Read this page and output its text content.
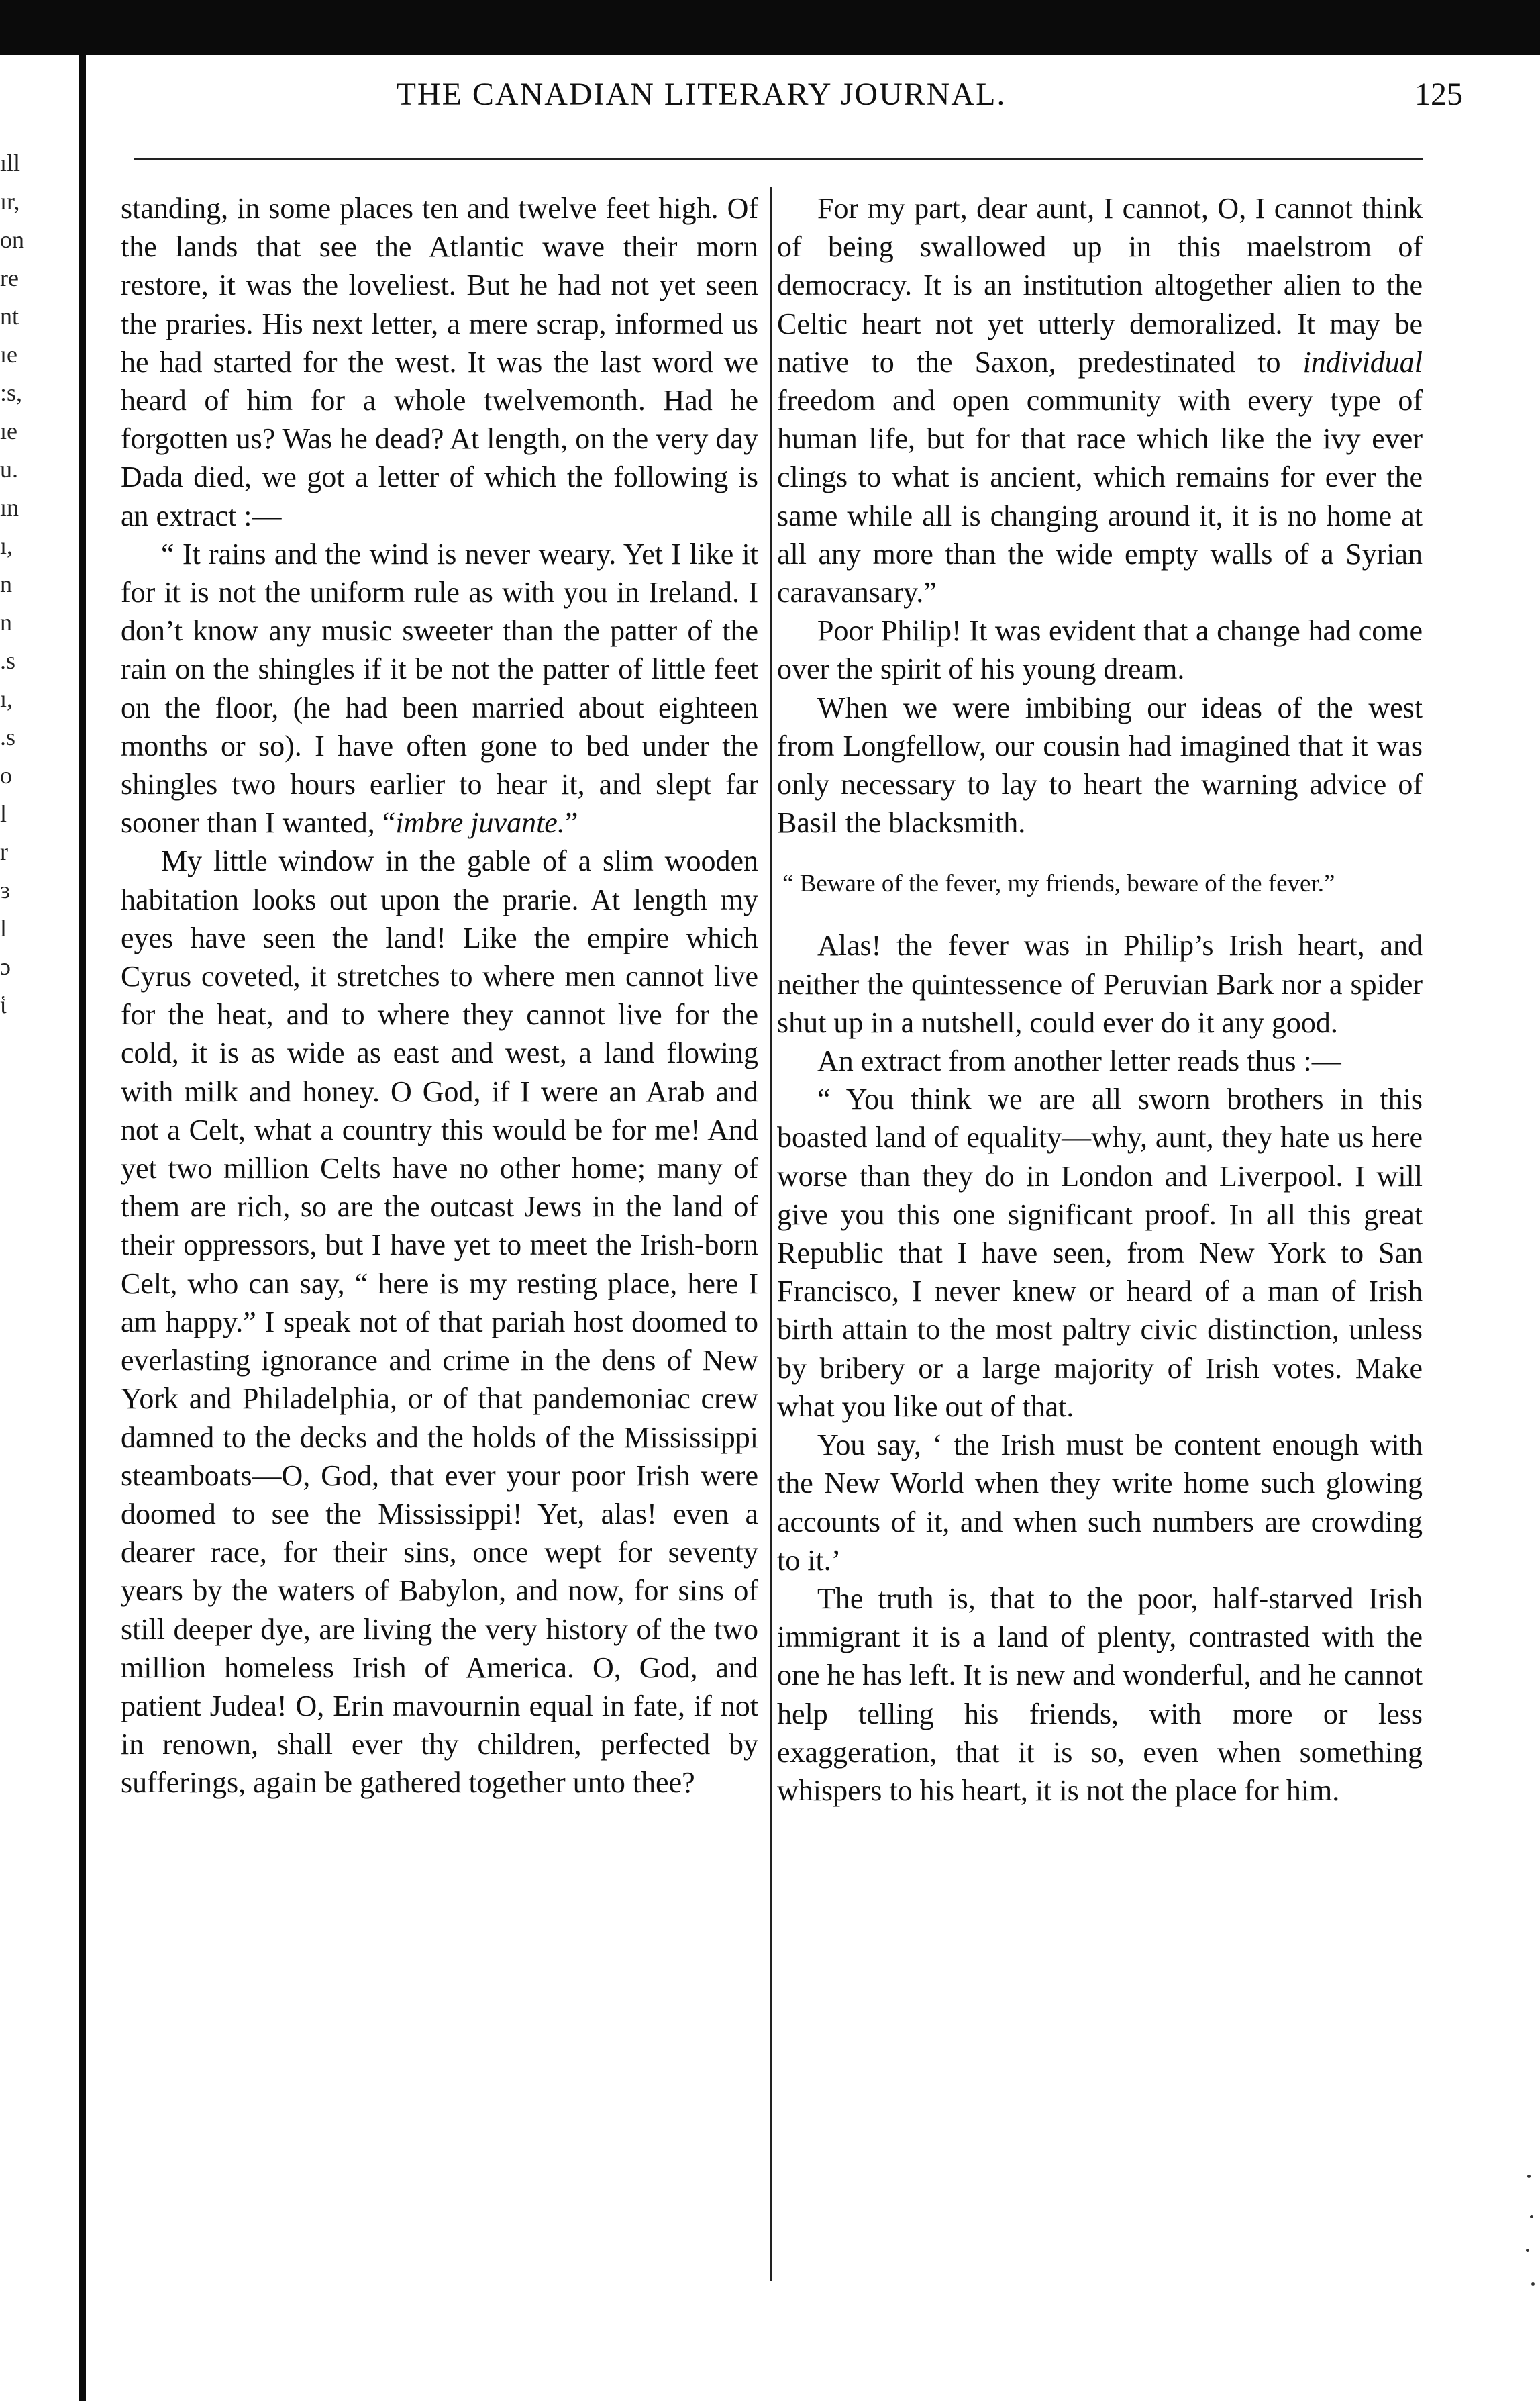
ıll
ır,
on
re
nt
ıe
:s,
ıe
u.
ın
ı,
n
n
.s
ı,
.s
o
l
r
ɜ
l
ɔ
ἱ
THE CANADIAN LITERARY JOURNAL.	125

standing, in some places ten and twelve feet high. Of the lands that see the Atlantic wave their morn restore, it was the loveliest. But he had not yet seen the praries. His next letter, a mere scrap, informed us he had started for the west. It was the last word we heard of him for a whole twelvemonth. Had he forgotten us? Was he dead? At length, on the very day Dada died, we got a letter of which the following is an extract :—

“ It rains and the wind is never weary. Yet I like it for it is not the uniform rule as with you in Ireland. I don’t know any music sweeter than the patter of the rain on the shingles if it be not the patter of little feet on the floor, (he had been married about eighteen months or so). I have often gone to bed under the shingles two hours earlier to hear it, and slept far sooner than I wanted, “imbre juvante.”

My little window in the gable of a slim wooden habitation looks out upon the prarie. At length my eyes have seen the land! Like the empire which Cyrus coveted, it stretches to where men cannot live for the heat, and to where they cannot live for the cold, it is as wide as east and west, a land flowing with milk and honey. O God, if I were an Arab and not a Celt, what a country this would be for me! And yet two million Celts have no other home; many of them are rich, so are the outcast Jews in the land of their oppressors, but I have yet to meet the Irish-born Celt, who can say, “ here is my resting place, here I am happy.” I speak not of that pariah host doomed to everlasting ignorance and crime in the dens of New York and Philadelphia, or of that pandemoniac crew damned to the decks and the holds of the Mississippi steamboats—O, God, that ever your poor Irish were doomed to see the Mississippi! Yet, alas! even a dearer race, for their sins, once wept for seventy years by the waters of Babylon, and now, for sins of still deeper dye, are living the very history of the two million homeless Irish of America. O, God, and patient Judea! O, Erin mavournin equal in fate, if not in renown, shall ever thy children, perfected by sufferings, again be gathered together unto thee?

For my part, dear aunt, I cannot, O, I cannot think of being swallowed up in this maelstrom of democracy. It is an institution altogether alien to the Celtic heart not yet utterly demoralized. It may be native to the Saxon, predestinated to individual freedom and open community with every type of human life, but for that race which like the ivy ever clings to what is ancient, which remains for ever the same while all is changing around it, it is no home at all any more than the wide empty walls of a Syrian caravansary.”

Poor Philip! It was evident that a change had come over the spirit of his young dream.

When we were imbibing our ideas of the west from Longfellow, our cousin had imagined that it was only necessary to lay to heart the warning advice of Basil the blacksmith.

“ Beware of the fever, my friends, beware of the fever.”

Alas! the fever was in Philip’s Irish heart, and neither the quintessence of Peruvian Bark nor a spider shut up in a nutshell, could ever do it any good.

An extract from another letter reads thus :—

“ You think we are all sworn brothers in this boasted land of equality—why, aunt, they hate us here worse than they do in London and Liverpool. I will give you this one significant proof. In all this great Republic that I have seen, from New York to San Francisco, I never knew or heard of a man of Irish birth attain to the most paltry civic distinction, unless by bribery or a large majority of Irish votes. Make what you like out of that.

You say, ‘ the Irish must be content enough with the New World when they write home such glowing accounts of it, and when such numbers are crowding to it.’

The truth is, that to the poor, half-starved Irish immigrant it is a land of plenty, contrasted with the one he has left. It is new and wonderful, and he cannot help telling his friends, with more or less exaggeration, that it is so, even when something whispers to his heart, it is not the place for him.
